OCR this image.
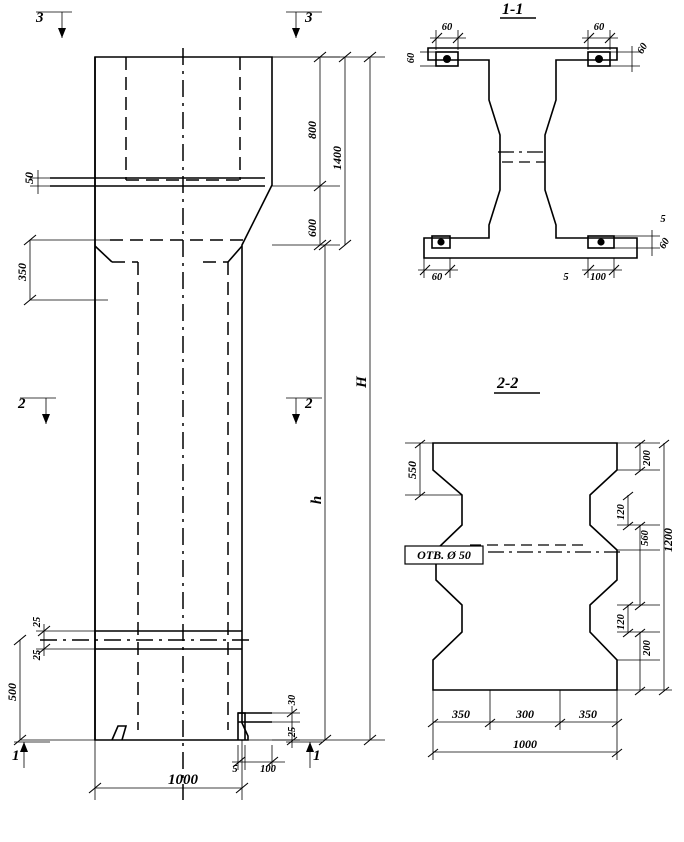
1-1
2-2
3	3
2	2
1	1
800
1400
600
H
h
50
350
500
25
25
1000
5 100
30
25
60
60
60
60
60
5
60
100
5
550
200
120
560 1200
120
200
ОТВ. Ø 50
350	300	350
1000
